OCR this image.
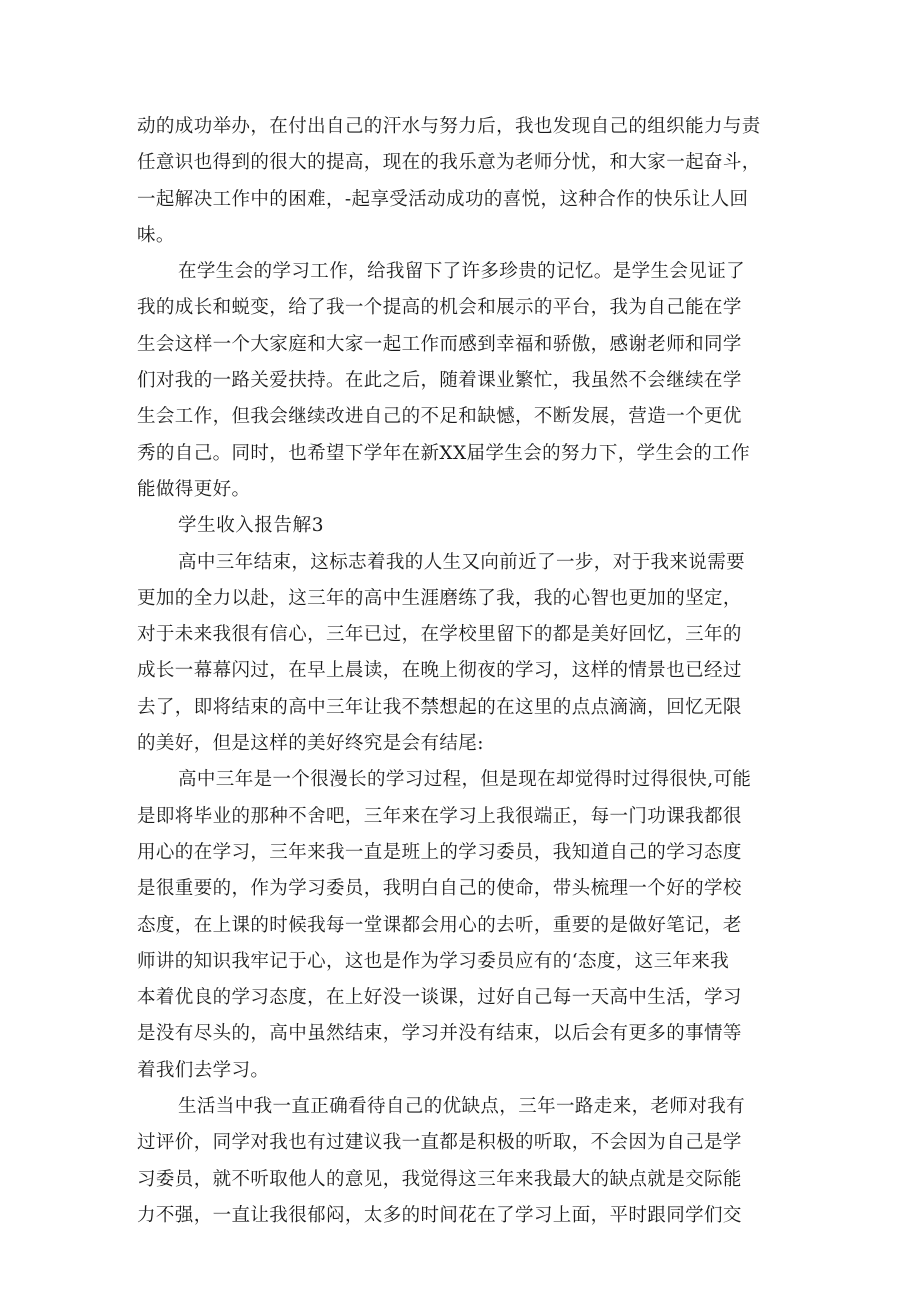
动的成功举办，在付出自己的汗水与努力后，我也发现自己的组织能力与责
任意识也得到的很大的提高，现在的我乐意为老师分忧，和大家一起奋斗，
一起解决工作中的困难，-起享受活动成功的喜悦，这种合作的快乐让人回
味。
在学生会的学习工作，给我留下了许多珍贵的记忆。是学生会见证了
我的成长和蜕变，给了我一个提高的机会和展示的平台，我为自己能在学
生会这样一个大家庭和大家一起工作而感到幸福和骄傲，感谢老师和同学
们对我的一路关爱扶持。在此之后，随着课业繁忙，我虽然不会继续在学
生会工作，但我会继续改进自己的不足和缺憾，不断发展，营造一个更优
秀的自己。同时，也希望下学年在新XX届学生会的努力下，学生会的工作
能做得更好。
学生收入报告解3
高中三年结束，这标志着我的人生又向前近了一步，对于我来说需要
更加的全力以赴，这三年的高中生涯磨练了我，我的心智也更加的坚定，
对于未来我很有信心，三年已过，在学校里留下的都是美好回忆，三年的
成长一幕幕闪过，在早上晨读，在晚上彻夜的学习，这样的情景也已经过
去了，即将结束的高中三年让我不禁想起的在这里的点点滴滴，回忆无限
的美好，但是这样的美好终究是会有结尾:
高中三年是一个很漫长的学习过程，但是现在却觉得时过得很快,可能
是即将毕业的那种不舍吧，三年来在学习上我很端正，每一门功课我都很
用心的在学习，三年来我一直是班上的学习委员，我知道自己的学习态度
是很重要的，作为学习委员，我明白自己的使命，带头梳理一个好的学校
态度，在上课的时候我每一堂课都会用心的去听，重要的是做好笔记，老
师讲的知识我牢记于心，这也是作为学习委员应有的‘态度，这三年来我
本着优良的学习态度，在上好没一谈课，过好自己每一天高中生活，学习
是没有尽头的，高中虽然结束，学习并没有结束，以后会有更多的事情等
着我们去学习。
生活当中我一直正确看待自己的优缺点，三年一路走来，老师对我有
过评价，同学对我也有过建议我一直都是积极的听取，不会因为自己是学
习委员，就不听取他人的意见，我觉得这三年来我最大的缺点就是交际能
力不强，一直让我很郁闷，太多的时间花在了学习上面，平时跟同学们交
